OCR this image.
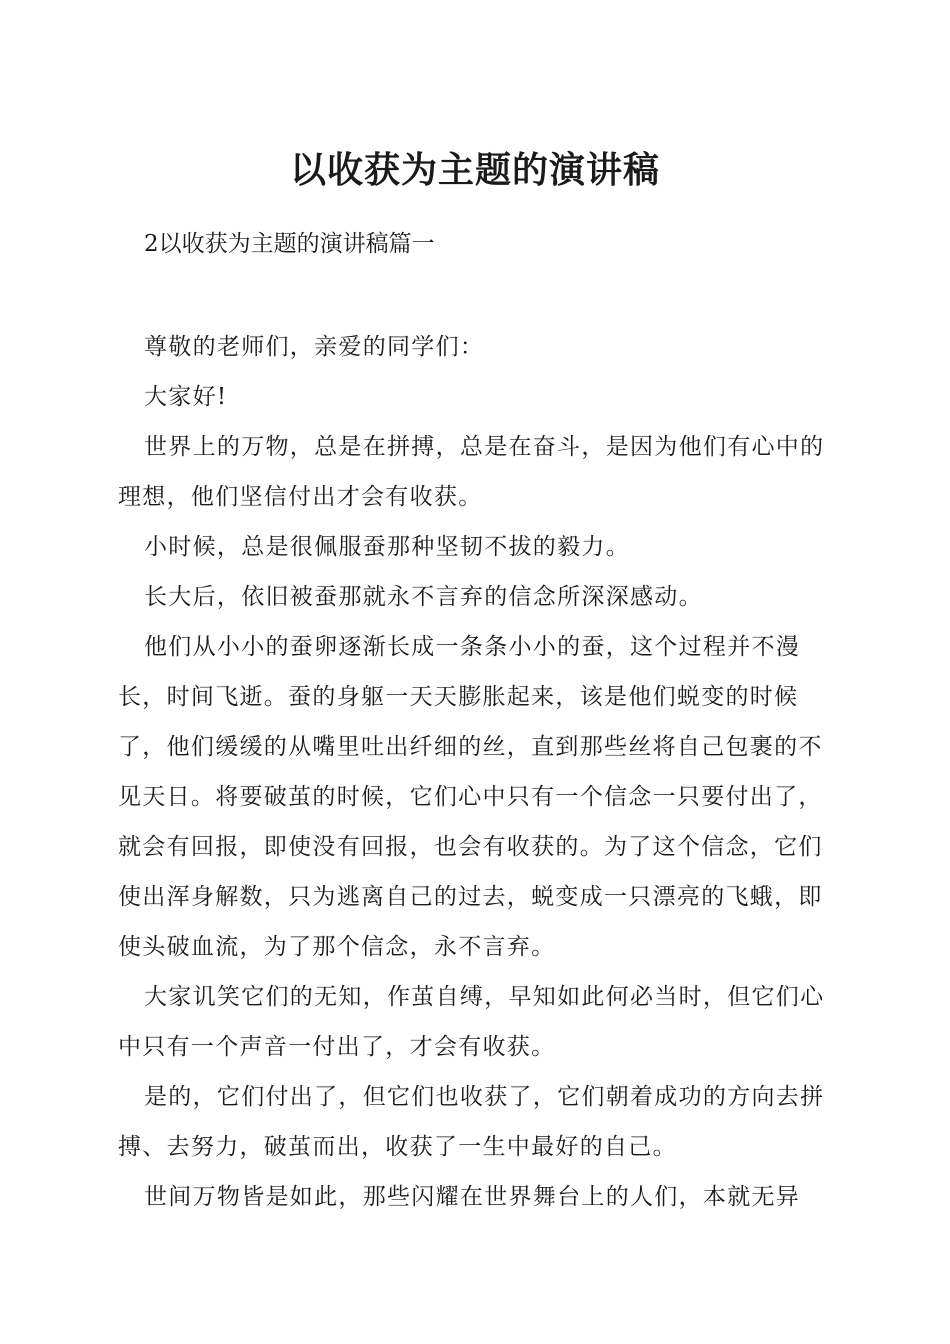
以收获为主题的演讲稿
2以收获为主题的演讲稿篇一

尊敬的老师们，亲爱的同学们：

大家好!

世界上的万物，总是在拼搏，总是在奋斗，是因为他们有心中的理想，他们坚信付出才会有收获。

小时候，总是很佩服蚕那种坚韧不拔的毅力。

长大后，依旧被蚕那就永不言弃的信念所深深感动。

他们从小小的蚕卵逐渐长成一条条小小的蚕，这个过程并不漫长，时间飞逝。蚕的身躯一天天膨胀起来，该是他们蜕变的时候了，他们缓缓的从嘴里吐出纤细的丝，直到那些丝将自己包裹的不见天日。将要破茧的时候，它们心中只有一个信念一只要付出了，就会有回报，即使没有回报，也会有收获的。为了这个信念，它们使出浑身解数，只为逃离自己的过去，蜕变成一只漂亮的飞蛾，即使头破血流，为了那个信念，永不言弃。

大家讥笑它们的无知，作茧自缚，早知如此何必当时，但它们心中只有一个声音一付出了，才会有收获。

是的，它们付出了，但它们也收获了，它们朝着成功的方向去拼搏、去努力，破茧而出，收获了一生中最好的自己。

世间万物皆是如此，那些闪耀在世界舞台上的人们，本就无异
